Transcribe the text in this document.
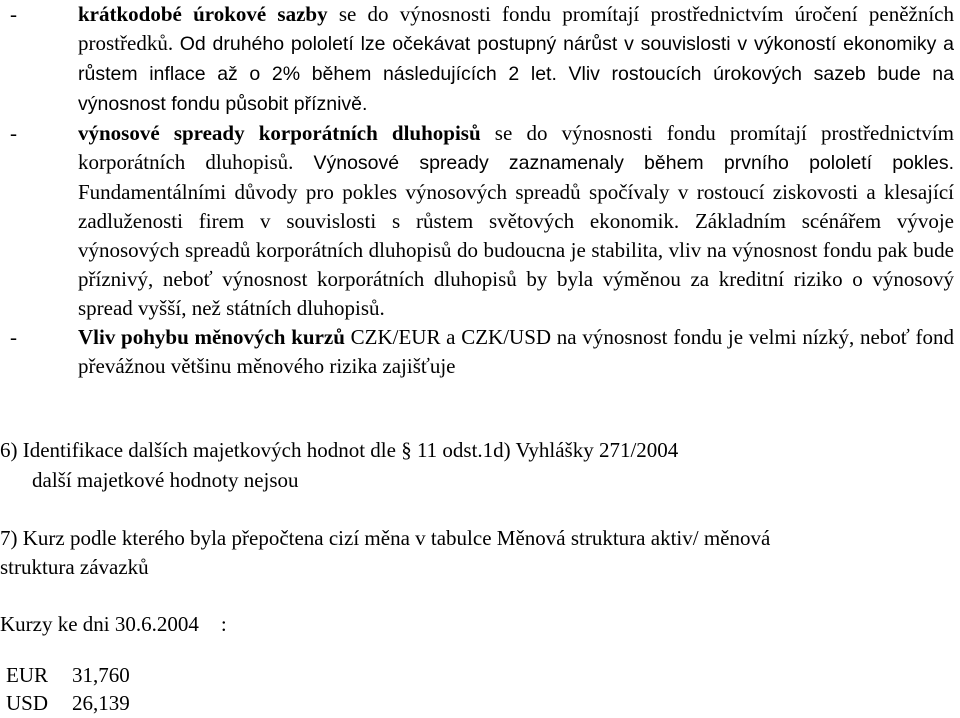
-	krátkodobé úrokové sazby se do výnosnosti fondu promítají prostřednictvím úročení peněžních prostředků. Od druhého pololetí lze očekávat postupný nárůst v souvislosti v výkoností ekonomiky a růstem inflace až o 2% během následujících 2 let. Vliv rostoucích úrokových sazeb bude na výnosnost fondu působit příznivě.
-	výnosové spready korporátních dluhopisů se do výnosnosti fondu promítají prostřednictvím korporátních dluhopisů. Výnosové spready zaznamenaly během prvního pololetí pokles. Fundamentálními důvody pro pokles výnosových spreadů spočívaly v rostoucí ziskovosti a klesající zadluženosti firem v souvislosti s růstem světových ekonomik. Základním scénářem vývoje výnosových spreadů korporátních dluhopisů do budoucna je stabilita, vliv na výnosnost fondu pak bude příznivý, neboť výnosnost korporátních dluhopisů by byla výměnou za kreditní riziko o výnosový spread vyšší, než státních dluhopisů.
-	Vliv pohybu měnových kurzů CZK/EUR a CZK/USD na výnosnost fondu je velmi nízký, neboť fond převážnou většinu měnového rizika zajišťuje
6) Identifikace dalších majetkových hodnot dle § 11 odst.1d) Vyhlášky 271/2004
další majetkové hodnoty nejsou
7) Kurz podle kterého byla přepočtena cizí měna v tabulce Měnová struktura aktiv/ měnová
struktura závazků
Kurzy ke dni 30.6.2004 :
EUR	31,760
USD	26,139
